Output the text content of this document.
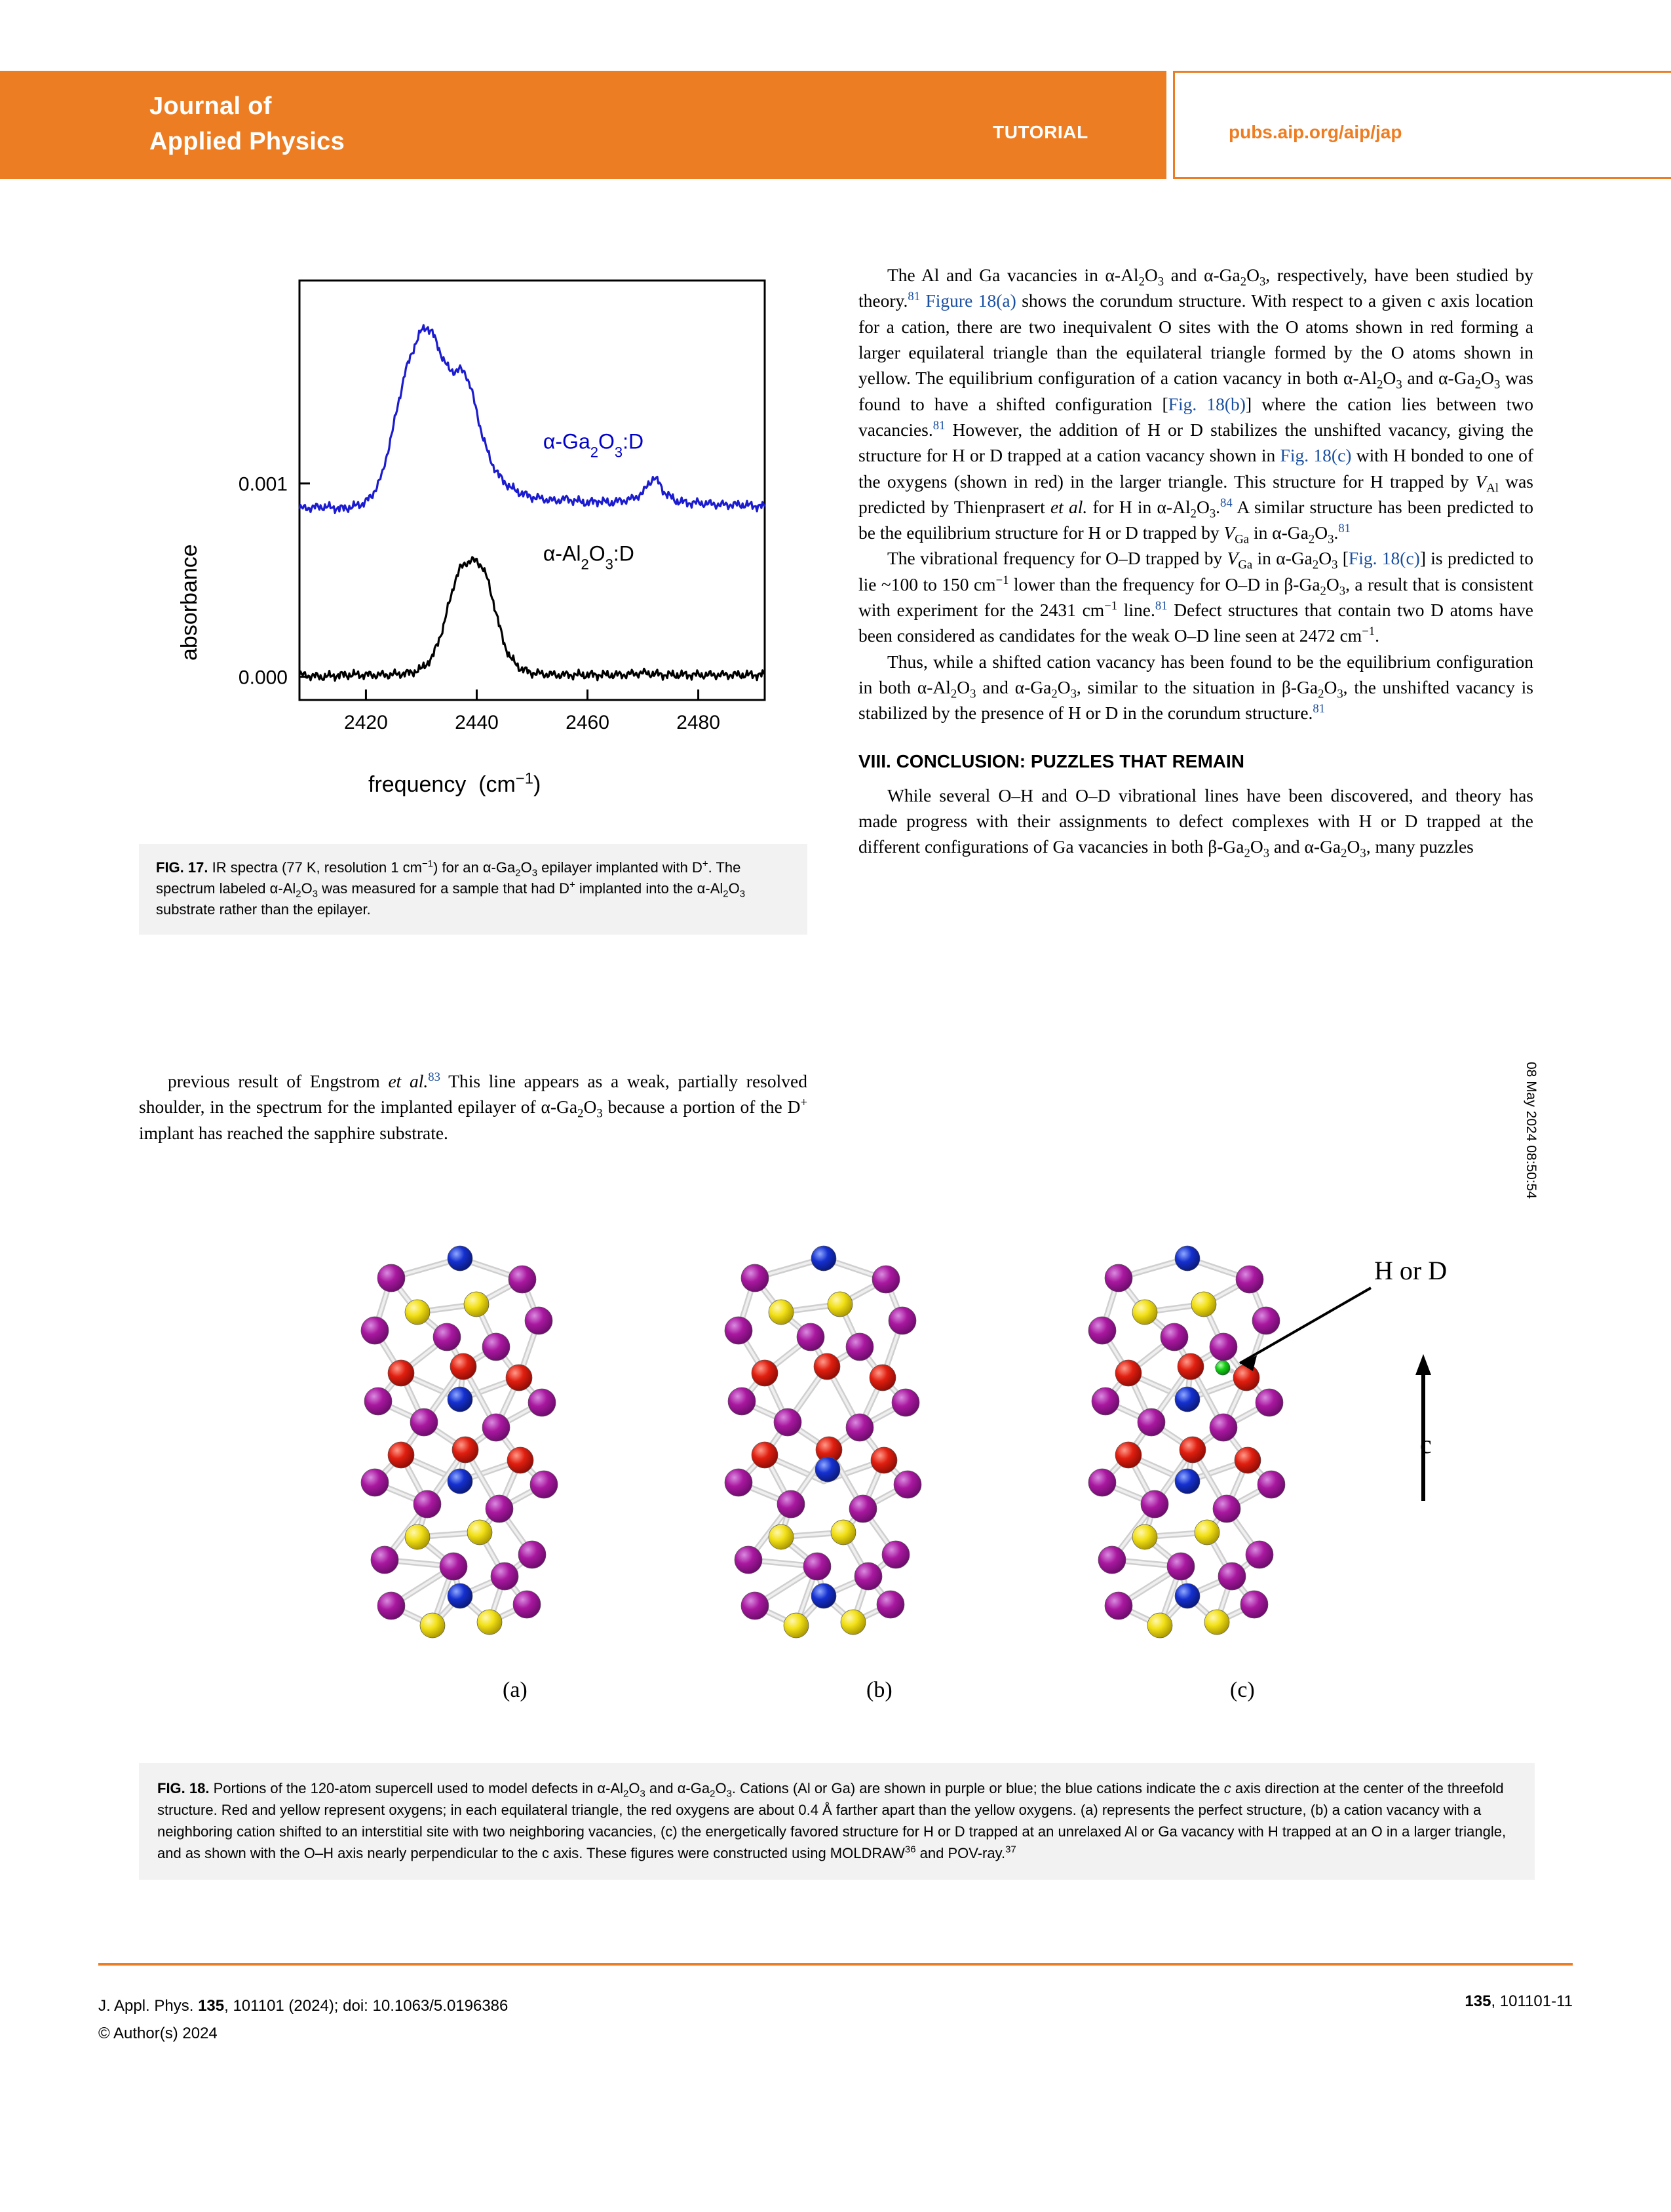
Journal of
Applied Physics	TUTORIAL	pubs.aip.org/aip/jap
2420	2440	2460	2480
0.000
0.001
$\alpha-Ga_2O_3:D$
$\alpha-Al_2O_3:D$
absorbance
frequency  $(cm^{-1})$
FIG. 17. IR spectra (77 K, resolution 1 $cm^{-1}$) for an $\alpha-Ga_2O_3$ epilayer implanted with D+. The spectrum labeled $\alpha-Al_2O_3$ was measured for a sample that had D+ implanted into the $\alpha-Al_2O_3$ substrate rather than the epilayer.

previous result of Engstrom et al.$^{83}$ This line appears as a weak, partially resolved shoulder, in the spectrum for the implanted epilayer of $\alpha-Ga_2O_3$ because a portion of the D+ implant has reached the sapphire substrate.

The Al and Ga vacancies in $\alpha-Al_2O_3$ and $\alpha-Ga_2O_3$, respectively, have been studied by theory.$^{81}$ Figure 18(a) shows the corundum structure. With respect to a given c axis location for a cation, there are two inequivalent O sites with the O atoms shown in red forming a larger equilateral triangle than the equilateral triangle formed by the O atoms shown in yellow. The equilibrium configuration of a cation vacancy in both $\alpha-Al_2O_3$ and $\alpha-Ga_2O_3$ was found to have a shifted configuration [Fig. 18(b)] where the cation lies between two vacancies.$^{81}$ However, the addition of H or D stabilizes the unshifted vacancy, giving the structure for H or D trapped at a cation vacancy shown in Fig. 18(c) with H bonded to one of the oxygens (shown in red) in the larger triangle. This structure for H trapped by $V_{Al}$ was predicted by Thienprasert et al. for H in $\alpha-Al_2O_3.^{84}$ A similar structure has been predicted to be the equilibrium structure for H or D trapped by $V_{Ga}$ in $\alpha-Ga_2O_3.^{81}$

The vibrational frequency for O–D trapped by $V_{Ga}$ in $\alpha-Ga_2O_3$ [Fig. 18(c)] is predicted to lie ~100 to 150 $cm^{-1}$ lower than the frequency for O–D in $\beta-Ga_2O_3$, a result that is consistent with experiment for the 2431 $cm^{-1}$ line.$^{81}$ Defect structures that contain two D atoms have been considered as candidates for the weak O–D line seen at 2472 $cm^{-1}$.

Thus, while a shifted cation vacancy has been found to be the equilibrium configuration in both $\alpha-Al_2O_3$ and $\alpha-Ga_2O_3$, similar to the situation in $\beta-Ga_2O_3$, the unshifted vacancy is stabilized by the presence of H or D in the corundum structure.$^{81}$

VIII. CONCLUSION: PUZZLES THAT REMAIN

While several O–H and O–D vibrational lines have been discovered, and theory has made progress with their assignments to defect complexes with H or D trapped at the different configurations of Ga vacancies in both $\beta-Ga_2O_3$ and $\alpha-Ga_2O_3$, many puzzles

08 May 2024 08:50:54
(a)	(b)	(c)
H or D
c
FIG. 18. Portions of the 120-atom supercell used to model defects in $\alpha-Al_2O_3$ and $\alpha-Ga_2O_3$. Cations (Al or Ga) are shown in purple or blue; the blue cations indicate the c axis direction at the center of the threefold structure. Red and yellow represent oxygens; in each equilateral triangle, the red oxygens are about 0.4 Å farther apart than the yellow oxygens. (a) represents the perfect structure, (b) a cation vacancy with a neighboring cation shifted to an interstitial site with two neighboring vacancies, (c) the energetically favored structure for H or D trapped at an unrelaxed Al or Ga vacancy with H trapped at an O in a larger triangle, and as shown with the O–H axis nearly perpendicular to the c axis. These figures were constructed using MOLDRAW$^{36}$ and POV-ray.$^{37}$
J. Appl. Phys. 135, 101101 (2024); doi: 10.1063/5.0196386
© Author(s) 2024
135, 101101-11
